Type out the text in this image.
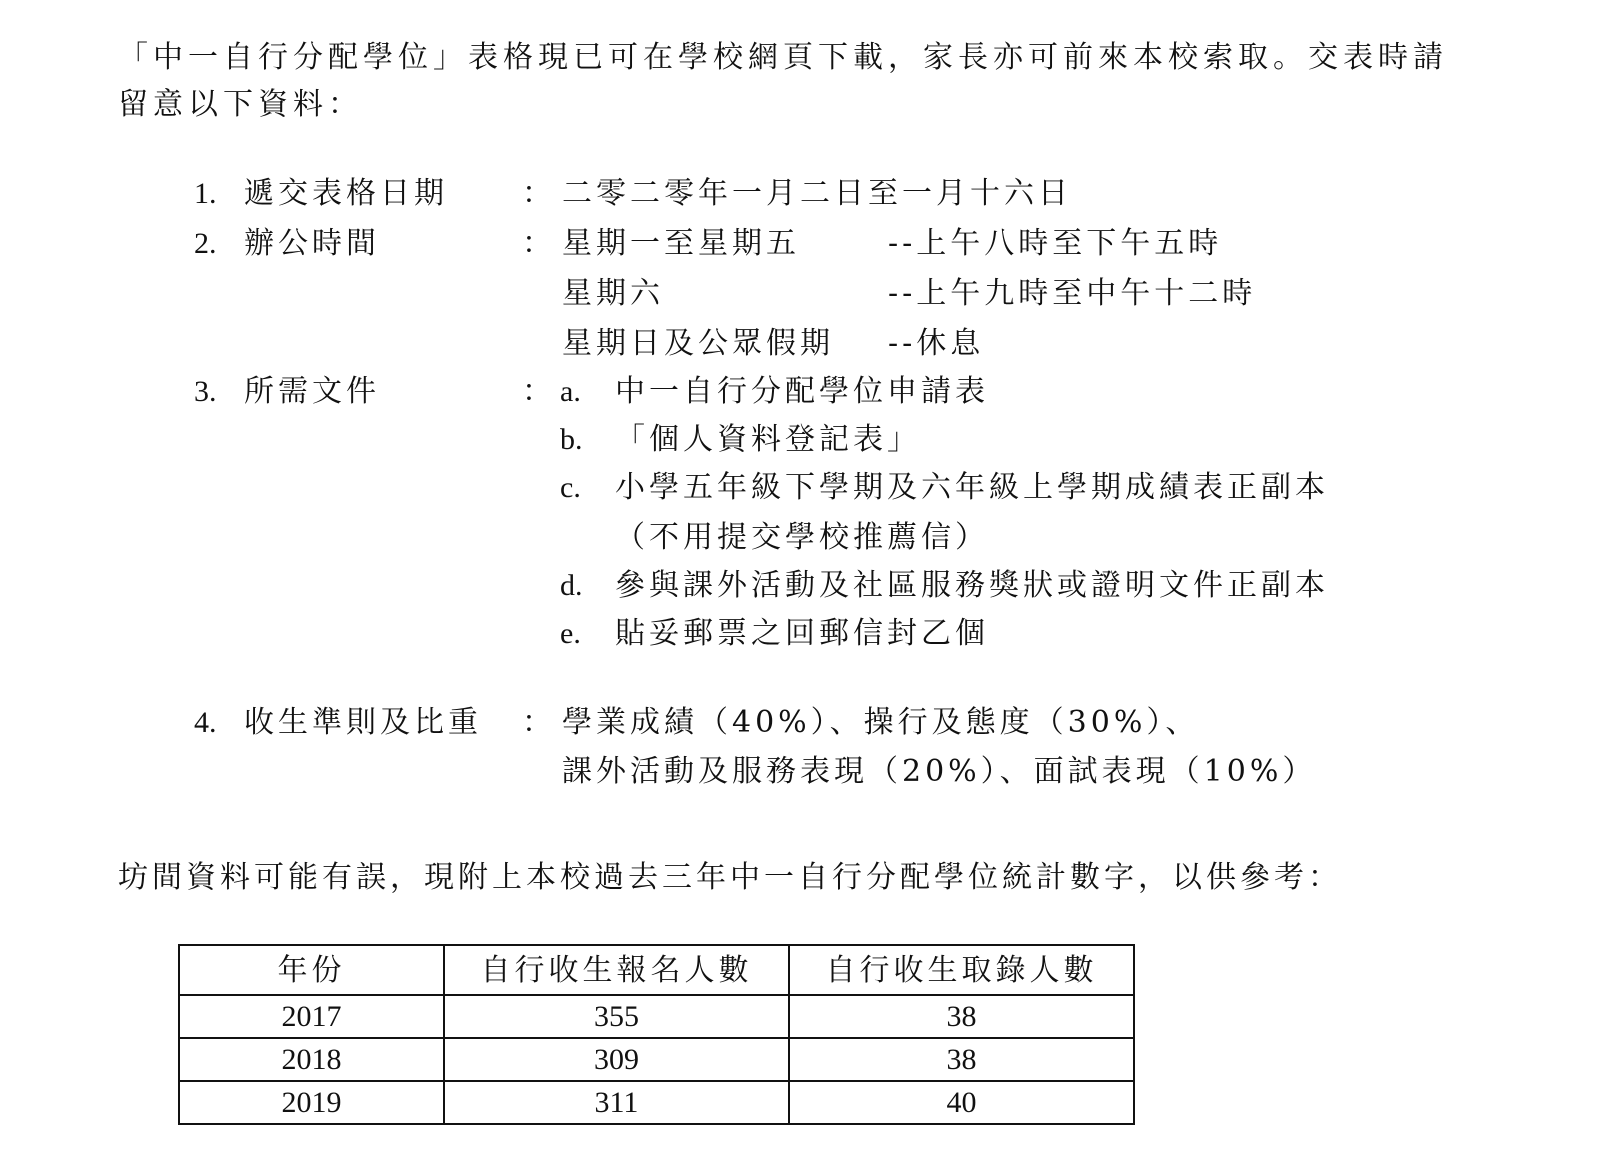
「中一自行分配學位」表格現已可在學校網頁下載，家長亦可前來本校索取。交表時請留意以下資料：
1. 遞交表格日期 ： 二零二零年一月二日至一月十六日
2. 辦公時間	： 星期一至星期五	--上午八時至下午五時
星期六	--上午九時至中午十二時
星期日及公眾假期 --休息
3. 所需文件	： a. 中一自行分配學位申請表
b. 「個人資料登記表」
c. 小學五年級下學期及六年級上學期成績表正副本
（不用提交學校推薦信）
d. 參與課外活動及社區服務獎狀或證明文件正副本
e. 貼妥郵票之回郵信封乙個
4. 收生準則及比重 ： 學業成績（40%）、操行及態度（30%）、
課外活動及服務表現（20%）、面試表現（10%）
坊間資料可能有誤，現附上本校過去三年中一自行分配學位統計數字，以供參考：
年份	自行收生報名人數	自行收生取錄人數
2017	355	38
2018	309	38
2019	311	40
